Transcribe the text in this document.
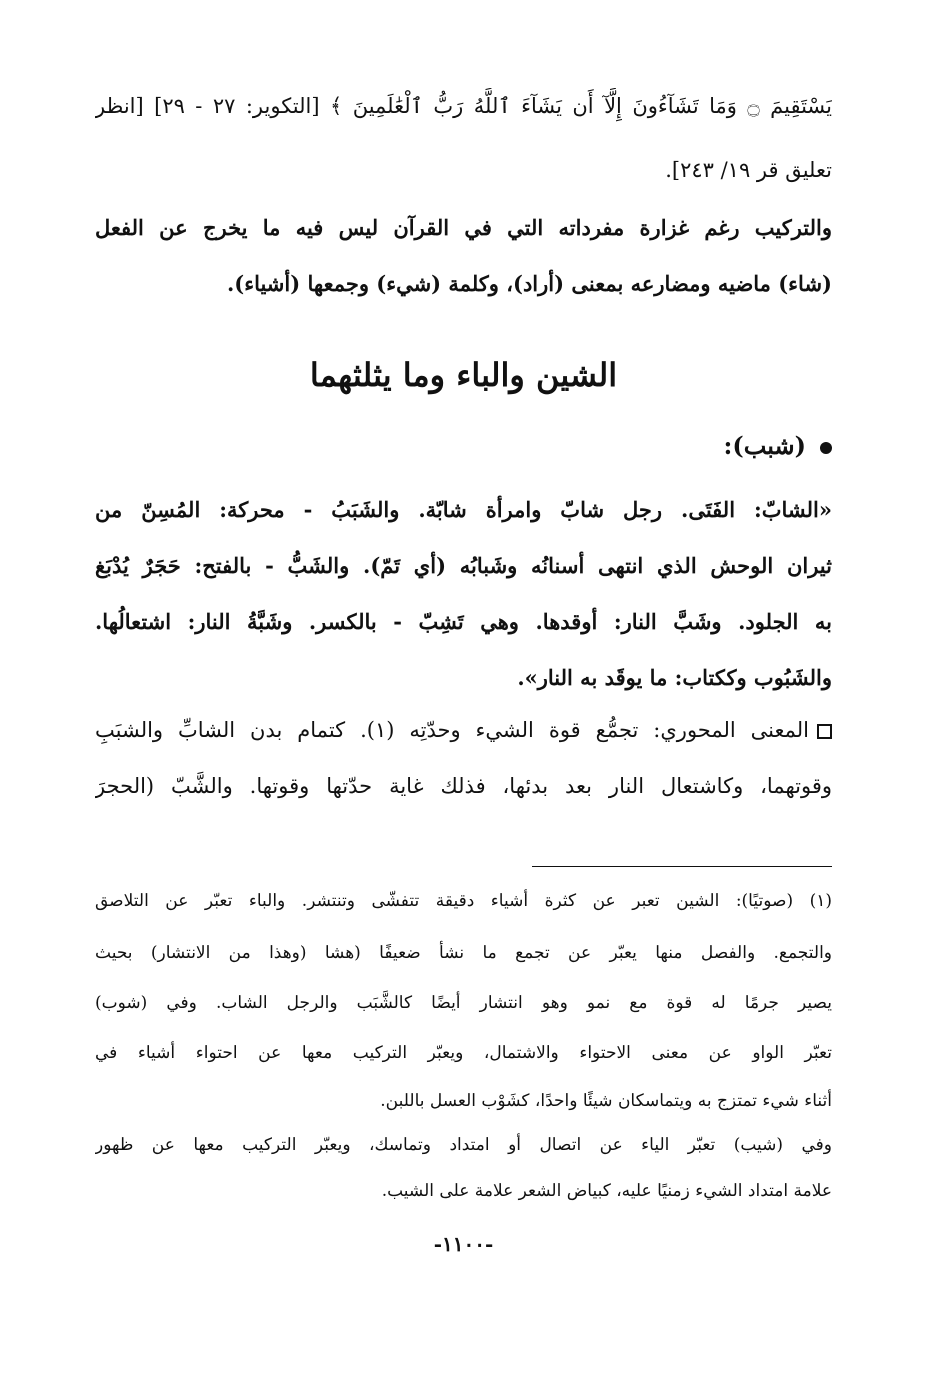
يَسْتَقِيمَ ۝ وَمَا تَشَآءُونَ إِلَّآ أَن يَشَآءَ ٱللَّهُ رَبُّ ٱلْعَٰلَمِينَ ﴾ [التكوير: ٢٧ - ٢٩] [انظر
تعليق قر ١٩/ ٢٤٣].
والتركيب رغم غزارة مفرداته التي في القرآن ليس فيه ما يخرج عن الفعل
(شاء) ماضيه ومضارعه بمعنى (أراد)، وكلمة (شيء) وجمعها (أشياء).
الشين والباء وما يثلثهما
(شبب):
«الشابّ: الفَتَى. رجل شابّ وامرأة شابّة. والشَبَبُ - محركة: المُسِنّ من
ثيران الوحش الذي انتهى أسنانُه وشَبابُه (أي تَمّ). والشَبُّ - بالفتح: حَجَرٌ يُدْبَغ
به الجلود. وشَبَّ النار: أوقدها. وهي تَشِبّ - بالكسر. وشَبَّةُ النار: اشتعالُها.
والشَبُوب وككتاب: ما يوقَد به النار».
المعنى المحوري: تجمُّع قوة الشيء وحدّتِه (١). كتمام بدن الشابِّ والشبَبِ
وقوتهما، وكاشتعال النار بعد بدئها، فذلك غاية حدّتها وقوتها. والشَّبّ (الحجرَ
(١) (صوتيًا): الشين تعبر عن كثرة أشياء دقيقة تتفشّى وتنتشر. والباء تعبّر عن التلاصق
والتجمع. والفصل منها يعبّر عن تجمع ما نشأ ضعيفًا (هشا (وهذا من الانتشار) بحيث
يصير جرمًا له قوة مع نمو وهو انتشار أيضًا كالشَّبَب والرجل الشاب. وفي (شوب)
تعبّر الواو عن معنى الاحتواء والاشتمال، ويعبّر التركيب معها عن احتواء أشياء في
أثناء شيء تمتزج به ويتماسكان شيئًا واحدًا، كشَوْب العسل باللبن.
وفي (شيب) تعبّر الياء عن اتصال أو امتداد وتماسك، ويعبّر التركيب معها عن ظهور
علامة امتداد الشيء زمنيًا عليه، كبياض الشعر علامة على الشيب.
-١١٠٠-
